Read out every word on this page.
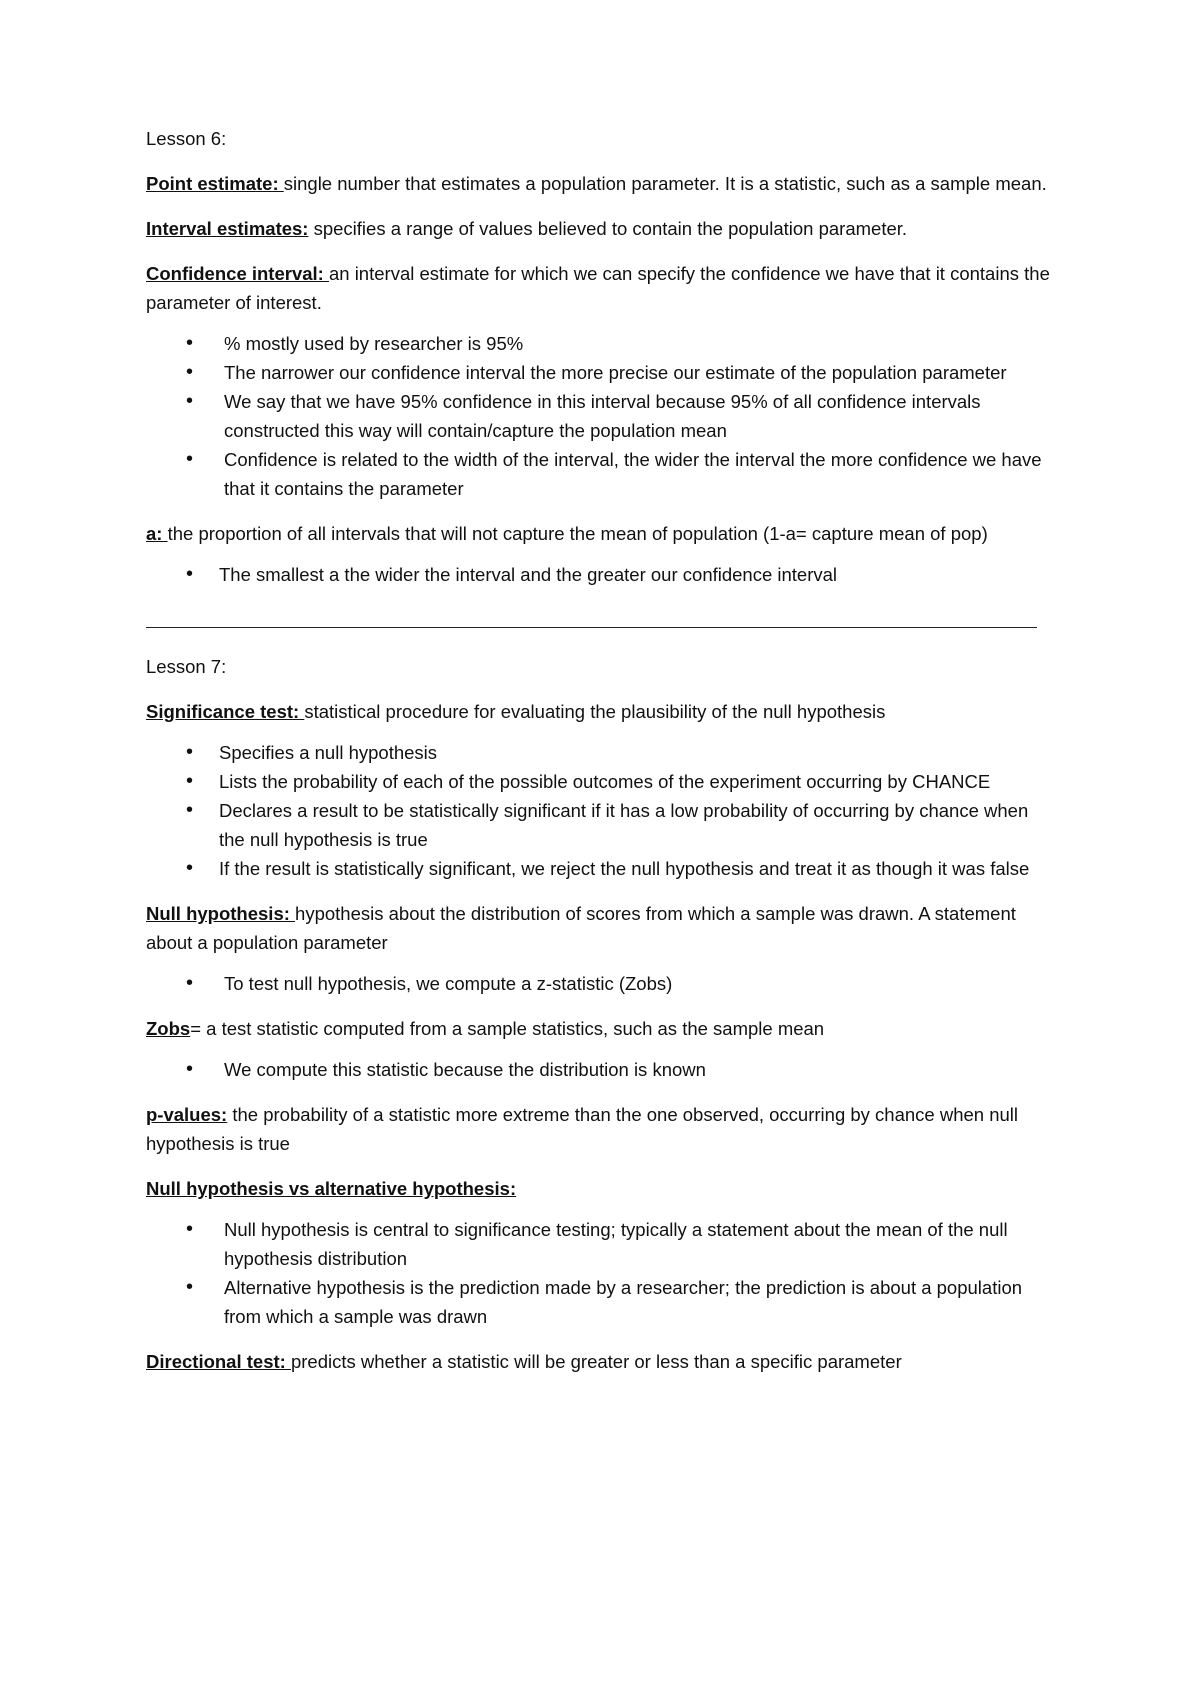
Lesson 6:

Point estimate: single number that estimates a population parameter. It is a statistic, such as a sample mean.

Interval estimates: specifies a range of values believed to contain the population parameter.

Confidence interval: an interval estimate for which we can specify the confidence we have that it contains the parameter of interest.

• % mostly used by researcher is 95%
• The narrower our confidence interval the more precise our estimate of the population parameter
• We say that we have 95% confidence in this interval because 95% of all confidence intervals constructed this way will contain/capture the population mean
• Confidence is related to the width of the interval, the wider the interval the more confidence we have that it contains the parameter

a: the proportion of all intervals that will not capture the mean of population (1-a= capture mean of pop)

• The smallest a the wider the interval and the greater our confidence interval

Lesson 7:

Significance test: statistical procedure for evaluating the plausibility of the null hypothesis

• Specifies a null hypothesis
• Lists the probability of each of the possible outcomes of the experiment occurring by CHANCE
• Declares a result to be statistically significant if it has a low probability of occurring by chance when the null hypothesis is true
• If the result is statistically significant, we reject the null hypothesis and treat it as though it was false

Null hypothesis: hypothesis about the distribution of scores from which a sample was drawn. A statement about a population parameter

• To test null hypothesis, we compute a z-statistic (Zobs)

Zobs= a test statistic computed from a sample statistics, such as the sample mean

• We compute this statistic because the distribution is known

p-values: the probability of a statistic more extreme than the one observed, occurring by chance when null hypothesis is true

Null hypothesis vs alternative hypothesis:

• Null hypothesis is central to significance testing; typically a statement about the mean of the null hypothesis distribution
• Alternative hypothesis is the prediction made by a researcher; the prediction is about a population from which a sample was drawn

Directional test: predicts whether a statistic will be greater or less than a specific parameter
